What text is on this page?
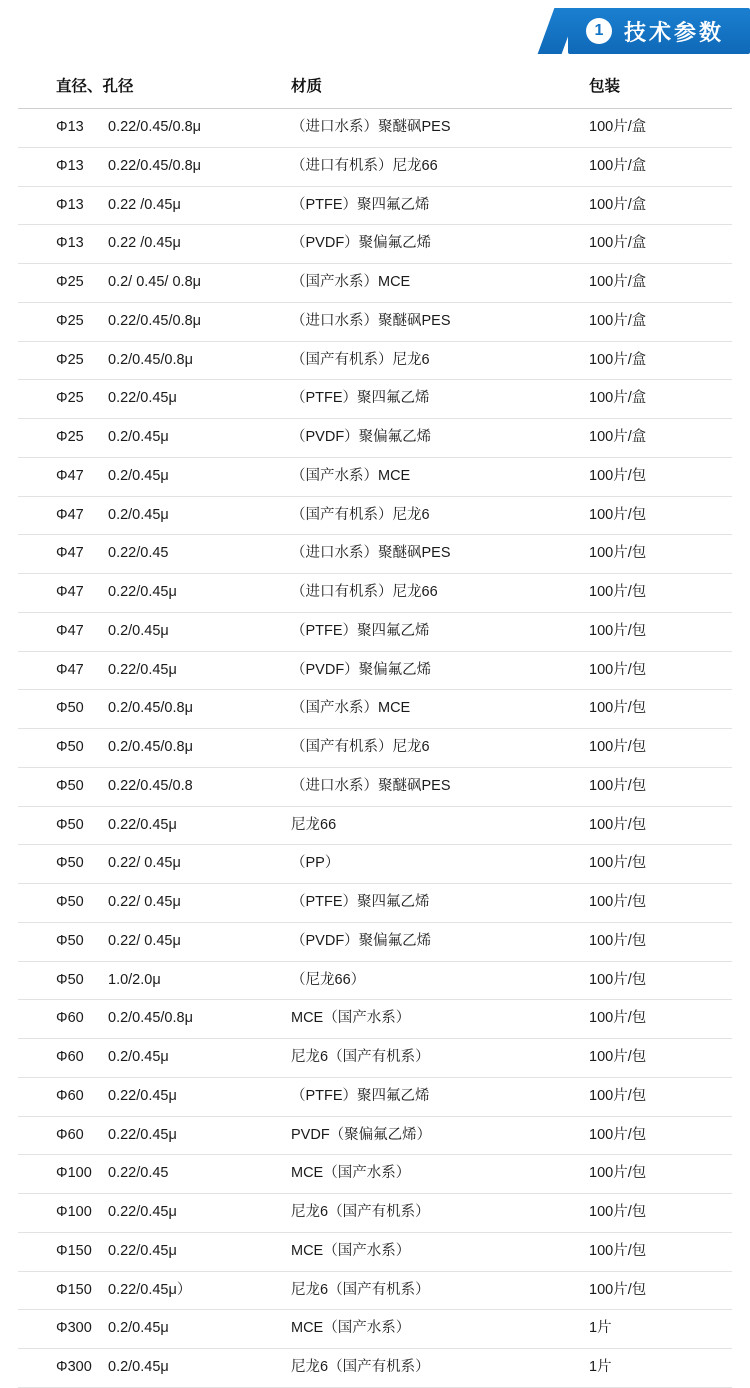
1 技术参数
直径、孔径	材质	包装
Φ13 0.22/0.45/0.8μ	（进口水系）聚醚砜PES	100片/盒
Φ13 0.22/0.45/0.8μ	（进口有机系）尼龙66	100片/盒
Φ13 0.22 /0.45μ	（PTFE）聚四氟乙烯	100片/盒
Φ13 0.22 /0.45μ	（PVDF）聚偏氟乙烯	100片/盒
Φ25 0.2/ 0.45/ 0.8μ	（国产水系）MCE	100片/盒
Φ25 0.22/0.45/0.8μ	（进口水系）聚醚砜PES	100片/盒
Φ25 0.2/0.45/0.8μ	（国产有机系）尼龙6	100片/盒
Φ25 0.22/0.45μ	（PTFE）聚四氟乙烯	100片/盒
Φ25 0.2/0.45μ	（PVDF）聚偏氟乙烯	100片/盒
Φ47 0.2/0.45μ	（国产水系）MCE	100片/包
Φ47 0.2/0.45μ	（国产有机系）尼龙6	100片/包
Φ47 0.22/0.45	（进口水系）聚醚砜PES	100片/包
Φ47 0.22/0.45μ	（进口有机系）尼龙66	100片/包
Φ47 0.2/0.45μ	（PTFE）聚四氟乙烯	100片/包
Φ47 0.22/0.45μ	（PVDF）聚偏氟乙烯	100片/包
Φ50 0.2/0.45/0.8μ	（国产水系）MCE	100片/包
Φ50 0.2/0.45/0.8μ	（国产有机系）尼龙6	100片/包
Φ50 0.22/0.45/0.8	（进口水系）聚醚砜PES	100片/包
Φ50 0.22/0.45μ	尼龙66	100片/包
Φ50 0.22/ 0.45μ	（PP）	100片/包
Φ50 0.22/ 0.45μ	（PTFE）聚四氟乙烯	100片/包
Φ50 0.22/ 0.45μ	（PVDF）聚偏氟乙烯	100片/包
Φ50 1.0/2.0μ	（尼龙66）	100片/包
Φ60 0.2/0.45/0.8μ	MCE（国产水系）	100片/包
Φ60 0.2/0.45μ	尼龙6（国产有机系）	100片/包
Φ60 0.22/0.45μ	（PTFE）聚四氟乙烯	100片/包
Φ60 0.22/0.45μ	PVDF（聚偏氟乙烯）	100片/包
Φ100 0.22/0.45	MCE（国产水系）	100片/包
Φ100 0.22/0.45μ	尼龙6（国产有机系）	100片/包
Φ150 0.22/0.45μ	MCE（国产水系）	100片/包
Φ150 0.22/0.45μ）	尼龙6（国产有机系）	100片/包
Φ300 0.2/0.45μ	MCE（国产水系）	1片
Φ300 0.2/0.45μ	尼龙6（国产有机系）	1片
